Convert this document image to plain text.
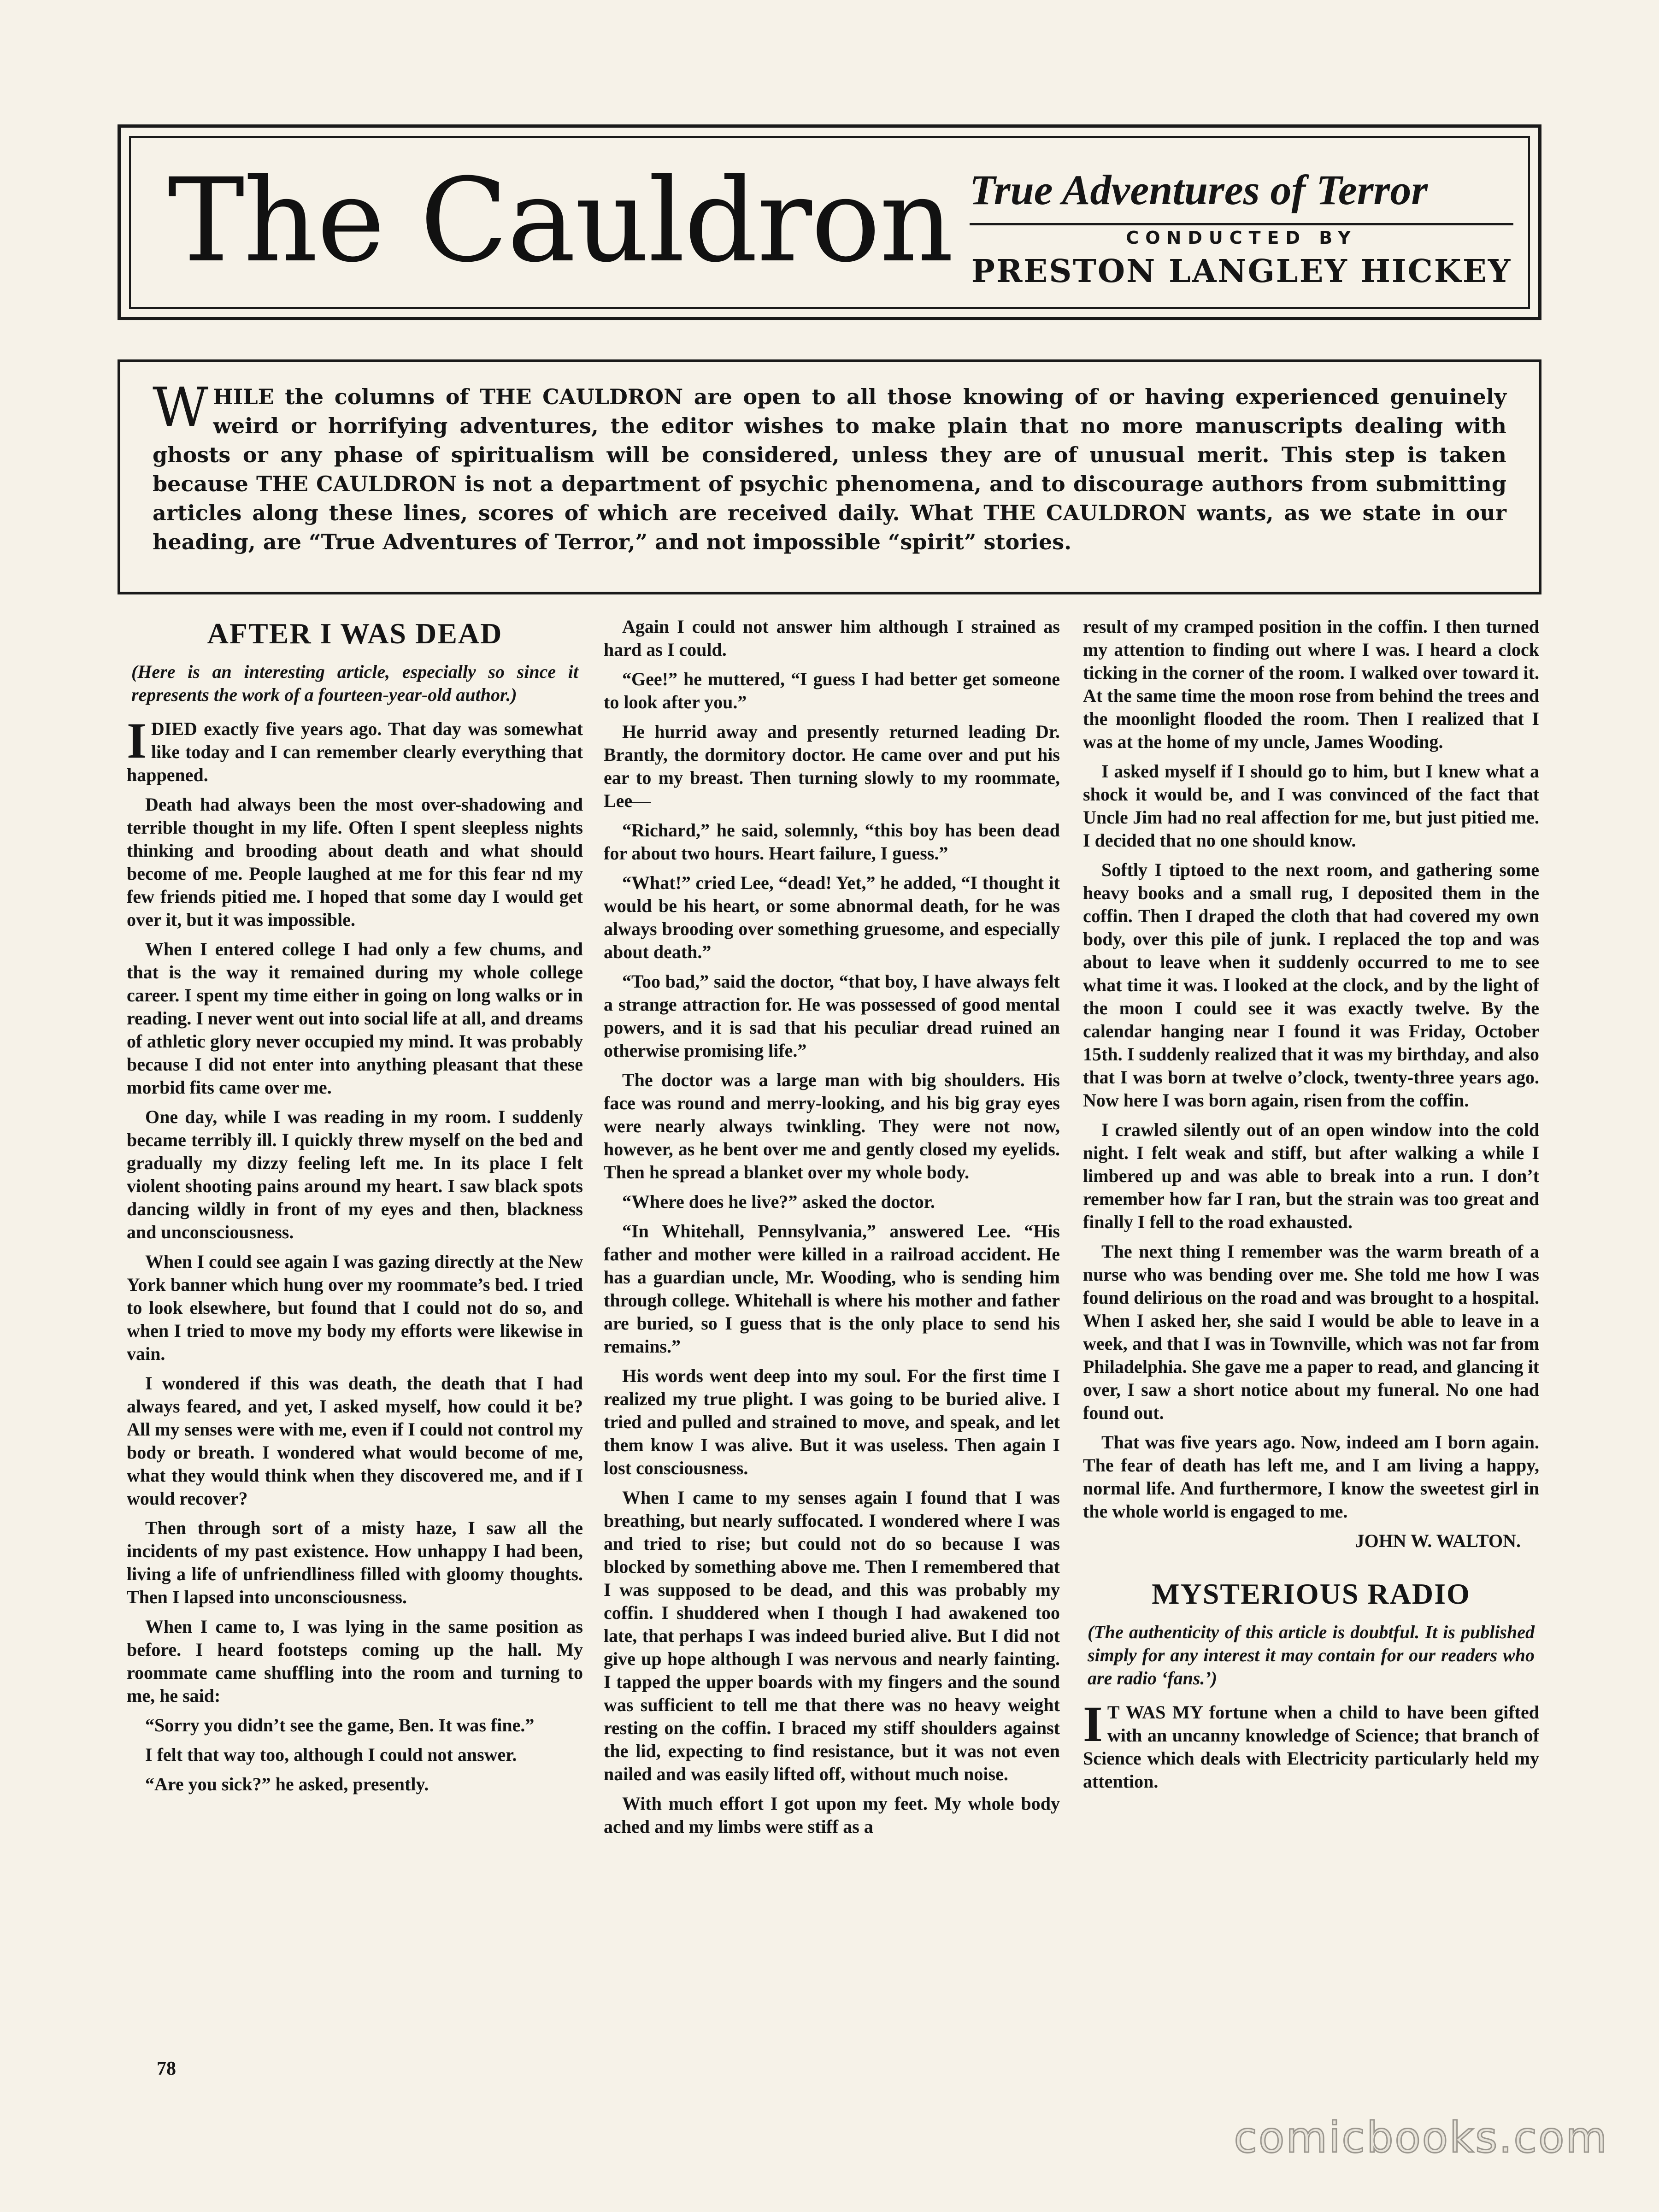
The Cauldron True Adventures of Terror
CONDUCTED BY
PRESTON LANGLEY HICKEY

WHILE the columns of THE CAULDRON are open to all those knowing of or having experienced genuinely weird or horrifying adventures, the editor wishes to make plain that no more manuscripts dealing with ghosts or any phase of spiritualism will be considered, unless they are of unusual merit. This step is taken because THE CAULDRON is not a department of psychic phenomena, and to discourage authors from submitting articles along these lines, scores of which are received daily. What THE CAULDRON wants, as we state in our heading, are “True Adventures of Terror,” and not impossible “spirit” stories.

AFTER I WAS DEAD
(Here is an interesting article, especially so since it represents the work of a fourteen-year-old author.)

IDIED exactly five years ago. That day was somewhat like today and I can remember clearly everything that happened.

Death had always been the most over-shadowing and terrible thought in my life. Often I spent sleepless nights thinking and brooding about death and what should become of me. People laughed at me for this fear nd my few friends pitied me. I hoped that some day I would get over it, but it was impossible.

When I entered college I had only a few chums, and that is the way it remained during my whole college career. I spent my time either in going on long walks or in reading. I never went out into social life at all, and dreams of athletic glory never occupied my mind. It was probably because I did not enter into anything pleasant that these morbid fits came over me.

One day, while I was reading in my room. I suddenly became terribly ill. I quickly threw myself on the bed and gradually my dizzy feeling left me. In its place I felt violent shooting pains around my heart. I saw black spots dancing wildly in front of my eyes and then, blackness and unconsciousness.

When I could see again I was gazing directly at the New York banner which hung over my roommate’s bed. I tried to look elsewhere, but found that I could not do so, and when I tried to move my body my efforts were likewise in vain.

I wondered if this was death, the death that I had always feared, and yet, I asked myself, how could it be? All my senses were with me, even if I could not control my body or breath. I wondered what would become of me, what they would think when they discovered me, and if I would recover?

Then through sort of a misty haze, I saw all the incidents of my past existence. How unhappy I had been, living a life of unfriendliness filled with gloomy thoughts. Then I lapsed into unconsciousness.

When I came to, I was lying in the same position as before. I heard footsteps coming up the hall. My roommate came shuffling into the room and turning to me, he said:

“Sorry you didn’t see the game, Ben. It was fine.”

I felt that way too, although I could not answer.

“Are you sick?” he asked, presently.

Again I could not answer him although I strained as hard as I could.

“Gee!” he muttered, “I guess I had better get someone to look after you.”

He hurrid away and presently returned leading Dr. Brantly, the dormitory doctor. He came over and put his ear to my breast. Then turning slowly to my roommate, Lee—

“Richard,” he said, solemnly, “this boy has been dead for about two hours. Heart failure, I guess.”

“What!” cried Lee, “dead! Yet,” he added, “I thought it would be his heart, or some abnormal death, for he was always brooding over something gruesome, and especially about death.”

“Too bad,” said the doctor, “that boy, I have always felt a strange attraction for. He was possessed of good mental powers, and it is sad that his peculiar dread ruined an otherwise promising life.”

The doctor was a large man with big shoulders. His face was round and merry-looking, and his big gray eyes were nearly always twinkling. They were not now, however, as he bent over me and gently closed my eyelids. Then he spread a blanket over my whole body.

“Where does he live?” asked the doctor.

“In Whitehall, Pennsylvania,” answered Lee. “His father and mother were killed in a railroad accident. He has a guardian uncle, Mr. Wooding, who is sending him through college. Whitehall is where his mother and father are buried, so I guess that is the only place to send his remains.”

His words went deep into my soul. For the first time I realized my true plight. I was going to be buried alive. I tried and pulled and strained to move, and speak, and let them know I was alive. But it was useless. Then again I lost consciousness.

When I came to my senses again I found that I was breathing, but nearly suffocated. I wondered where I was and tried to rise; but could not do so because I was blocked by something above me. Then I remembered that I was supposed to be dead, and this was probably my coffin. I shuddered when I though I had awakened too late, that perhaps I was indeed buried alive. But I did not give up hope although I was nervous and nearly fainting. I tapped the upper boards with my fingers and the sound was sufficient to tell me that there was no heavy weight resting on the coffin. I braced my stiff shoulders against the lid, expecting to find resistance, but it was not even nailed and was easily lifted off, without much noise.

With much effort I got upon my feet. My whole body ached and my limbs were stiff as a

result of my cramped position in the coffin. I then turned my attention to finding out where I was. I heard a clock ticking in the corner of the room. I walked over toward it. At the same time the moon rose from behind the trees and the moonlight flooded the room. Then I realized that I was at the home of my uncle, James Wooding.

I asked myself if I should go to him, but I knew what a shock it would be, and I was convinced of the fact that Uncle Jim had no real affection for me, but just pitied me. I decided that no one should know.

Softly I tiptoed to the next room, and gathering some heavy books and a small rug, I deposited them in the coffin. Then I draped the cloth that had covered my own body, over this pile of junk. I replaced the top and was about to leave when it suddenly occurred to me to see what time it was. I looked at the clock, and by the light of the moon I could see it was exactly twelve. By the calendar hanging near I found it was Friday, October 15th. I suddenly realized that it was my birthday, and also that I was born at twelve o’clock, twenty-three years ago. Now here I was born again, risen from the coffin.

I crawled silently out of an open window into the cold night. I felt weak and stiff, but after walking a while I limbered up and was able to break into a run. I don’t remember how far I ran, but the strain was too great and finally I fell to the road exhausted.

The next thing I remember was the warm breath of a nurse who was bending over me. She told me how I was found delirious on the road and was brought to a hospital. When I asked her, she said I would be able to leave in a week, and that I was in Townville, which was not far from Philadelphia. She gave me a paper to read, and glancing it over, I saw a short notice about my funeral. No one had found out.

That was five years ago. Now, indeed am I born again. The fear of death has left me, and I am living a happy, normal life. And furthermore, I know the sweetest girl in the whole world is engaged to me.

JOHN W. WALTON.
MYSTERIOUS RADIO
(The authenticity of this article is doubtful. It is published simply for any interest it may contain for our readers who are radio ‘fans.’)

I T WAS MY fortune when a child to have been gifted with an uncanny knowledge of Science; that branch of Science which deals with Electricity particularly held my attention.

78
comicbooks.com
